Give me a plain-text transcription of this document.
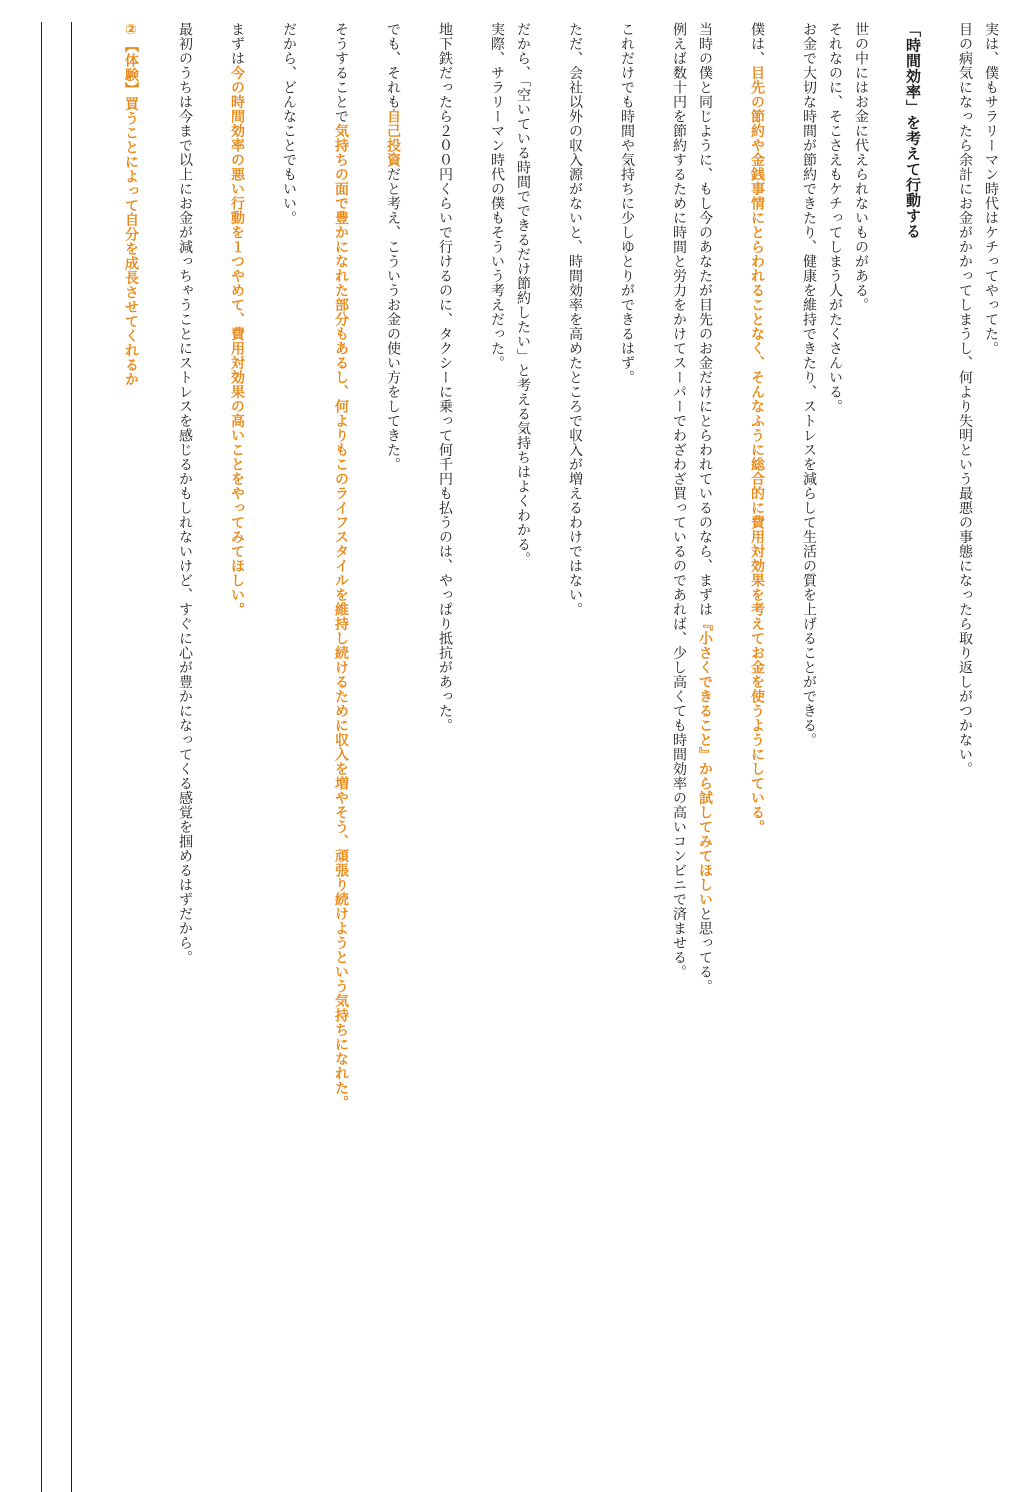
実は、僕もサラリーマン時代はケチってやってた。

目の病気になったら余計にお金がかかってしまうし、何より失明という最悪の事態になったら取り返しがつかない。

「時間効率」を考えて行動する

世の中にはお金に代えられないものがある。

それなのに、そこさえもケチってしまう人がたくさんいる。

お金で大切な時間が節約できたり、健康を維持できたり、ストレスを減らして生活の質を上げることができる。

僕は、目先の節約や金銭事情にとらわれることなく、そんなふうに総合的に費用対効果を考えてお金を使うようにしている。

当時の僕と同じように、もし今のあなたが目先のお金だけにとらわれているのなら、まずは『小さくできること』から試してみてほしいと思ってる。

例えば数十円を節約するために時間と労力をかけてスーパーでわざわざ買っているのであれば、少し高くても時間効率の高いコンビニで済ませる。

これだけでも時間や気持ちに少しゆとりができるはず。

ただ、会社以外の収入源がないと、時間効率を高めたところで収入が増えるわけではない。

だから、「空いている時間でできるだけ節約したい」と考える気持ちはよくわかる。

実際、サラリーマン時代の僕もそういう考えだった。

地下鉄だったら２００円くらいで行けるのに、タクシーに乗って何千円も払うのは、やっぱり抵抗があった。

でも、それも自己投資だと考え、こういうお金の使い方をしてきた。

そうすることで気持ちの面で豊かになれた部分もあるし、何よりもこのライフスタイルを維持し続けるために収入を増やそう、頑張り続けようという気持ちになれた。

だから、どんなことでもいい。

まずは今の時間効率の悪い行動を１つやめて、費用対効果の高いことをやってみてほしい。

最初のうちは今まで以上にお金が減っちゃうことにストレスを感じるかもしれないけど、すぐに心が豊かになってくる感覚を掴めるはずだから。

②【体験】買うことによって自分を成長させてくれるか
